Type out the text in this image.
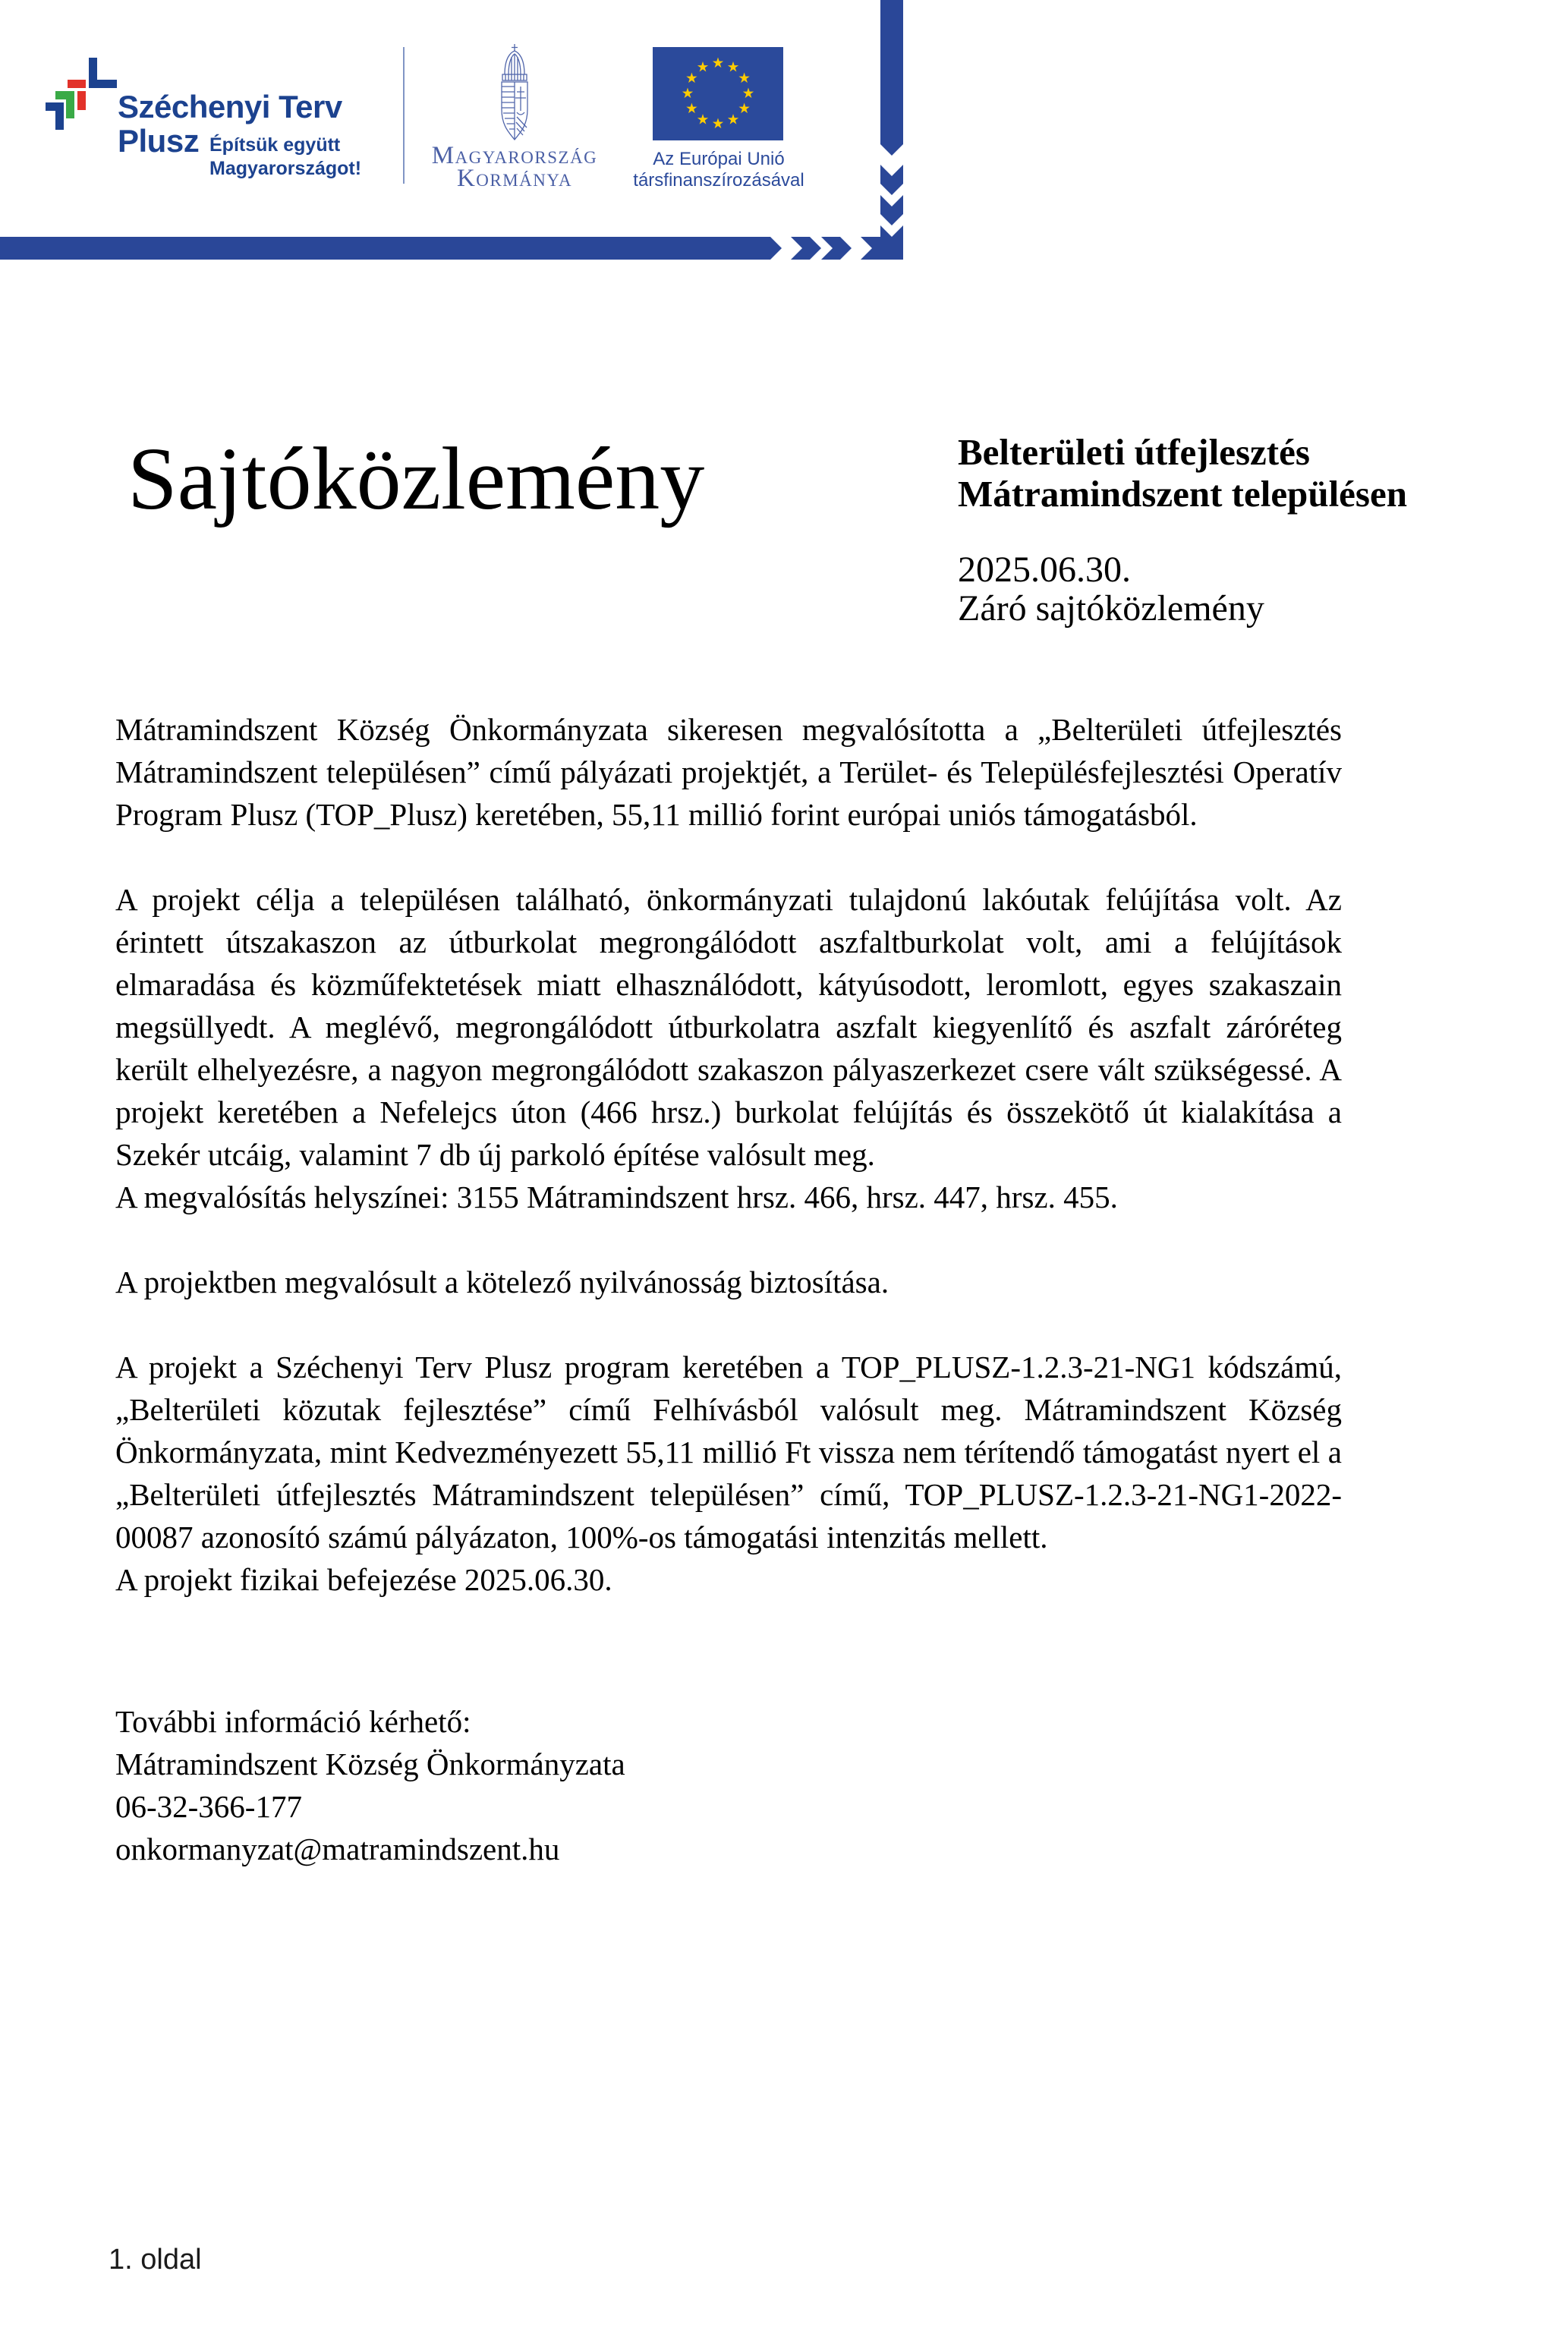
Széchenyi Terv
Plusz Építsük együtt
Magyarországot!	Magyarország
Kormánya
Az Európai Unió
társfinanszírozásával
Sajtóközlemény	Belterületi útfejlesztés Mátramindszent településen
2025.06.30.
Záró sajtóközlemény

Mátramindszent Község Önkormányzata sikeresen megvalósította a „Belterületi útfejlesztés Mátramindszent településen” című pályázati projektjét, a Terület- és Településfejlesztési Operatív Program Plusz (TOP_Plusz) keretében, 55,11 millió forint európai uniós támogatásból.

A projekt célja a településen található, önkormányzati tulajdonú lakóutak felújítása volt. Az érintett útszakaszon az útburkolat megrongálódott aszfaltburkolat volt, ami a felújítások elmaradása és közműfektetések miatt elhasználódott, kátyúsodott, leromlott, egyes szakaszain megsüllyedt. A meglévő, megrongálódott útburkolatra aszfalt kiegyenlítő és aszfalt záróréteg került elhelyezésre, a nagyon megrongálódott szakaszon pályaszerkezet csere vált szükségessé. A projekt keretében a Nefelejcs úton (466 hrsz.) burkolat felújítás és összekötő út kialakítása a Szekér utcáig, valamint 7 db új parkoló építése valósult meg.

A megvalósítás helyszínei: 3155 Mátramindszent hrsz. 466, hrsz. 447, hrsz. 455.

A projektben megvalósult a kötelező nyilvánosság biztosítása.

A projekt a Széchenyi Terv Plusz program keretében a TOP_PLUSZ-1.2.3-21-NG1 kódszámú, „Belterületi közutak fejlesztése” című Felhívásból valósult meg. Mátramindszent Község Önkormányzata, mint Kedvezményezett 55,11 millió Ft vissza nem térítendő támogatást nyert el a „Belterületi útfejlesztés Mátramindszent településen” című, TOP_PLUSZ-1.2.3-21-NG1-2022-00087 azonosító számú pályázaton, 100%-os támogatási intenzitás mellett.

A projekt fizikai befejezése 2025.06.30.

További információ kérhető:
Mátramindszent Község Önkormányzata
06-32-366-177
onkormanyzat@matramindszent.hu

1. oldal
